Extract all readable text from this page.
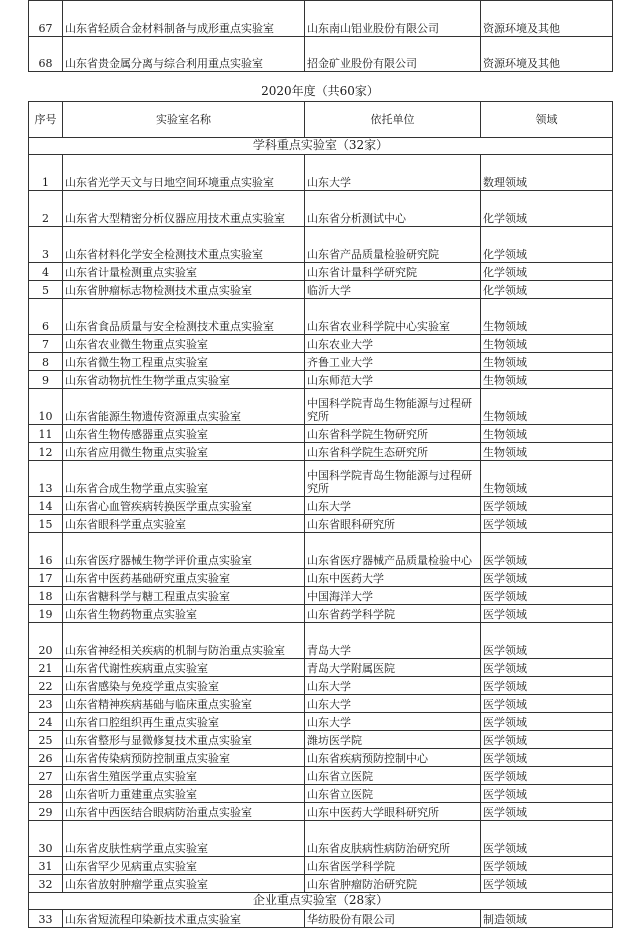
67	山东省轻质合金材料制备与成形重点实验室	山东南山铝业股份有限公司	资源环境及其他
68	山东省贵金属分离与综合利用重点实验室	招金矿业股份有限公司	资源环境及其他
2020年度（共60家）
序号	实验室名称	依托单位	领域
学科重点实验室（32家）			
1	山东省光学天文与日地空间环境重点实验室	山东大学	数理领域
2	山东省大型精密分析仪器应用技术重点实验室	山东省分析测试中心	化学领域
3	山东省材料化学安全检测技术重点实验室	山东省产品质量检验研究院	化学领域
4	山东省计量检测重点实验室	山东省计量科学研究院	化学领域
5	山东省肿瘤标志物检测技术重点实验室	临沂大学	化学领域
6	山东省食品质量与安全检测技术重点实验室	山东省农业科学院中心实验室	生物领域
7	山东省农业微生物重点实验室	山东农业大学	生物领域
8	山东省微生物工程重点实验室	齐鲁工业大学	生物领域
9	山东省动物抗性生物学重点实验室	山东师范大学	生物领域
10	山东省能源生物遗传资源重点实验室	中国科学院青岛生物能源与过程研究所	生物领域
11	山东省生物传感器重点实验室	山东省科学院生物研究所	生物领域
12	山东省应用微生物重点实验室	山东省科学院生态研究所	生物领域
13	山东省合成生物学重点实验室	中国科学院青岛生物能源与过程研究所	生物领域
14	山东省心血管疾病转换医学重点实验室	山东大学	医学领域
15	山东省眼科学重点实验室	山东省眼科研究所	医学领域
16	山东省医疗器械生物学评价重点实验室	山东省医疗器械产品质量检验中心	医学领域
17	山东省中医药基础研究重点实验室	山东中医药大学	医学领域
18	山东省糖科学与糖工程重点实验室	中国海洋大学	医学领域
19	山东省生物药物重点实验室	山东省药学科学院	医学领域
20	山东省神经相关疾病的机制与防治重点实验室	青岛大学	医学领域
21	山东省代谢性疾病重点实验室	青岛大学附属医院	医学领域
22	山东省感染与免疫学重点实验室	山东大学	医学领域
23	山东省精神疾病基础与临床重点实验室	山东大学	医学领域
24	山东省口腔组织再生重点实验室	山东大学	医学领域
25	山东省整形与显微修复技术重点实验室	潍坊医学院	医学领域
26	山东省传染病预防控制重点实验室	山东省疾病预防控制中心	医学领域
27	山东省生殖医学重点实验室	山东省立医院	医学领域
28	山东省听力重建重点实验室	山东省立医院	医学领域
29	山东省中西医结合眼病防治重点实验室	山东中医药大学眼科研究所	医学领域
30	山东省皮肤性病学重点实验室	山东省皮肤病性病防治研究所	医学领域
31	山东省罕少见病重点实验室	山东省医学科学院	医学领域
32	山东省放射肿瘤学重点实验室	山东省肿瘤防治研究院	医学领域
企业重点实验室（28家）			
33	山东省短流程印染新技术重点实验室	华纺股份有限公司	制造领域
